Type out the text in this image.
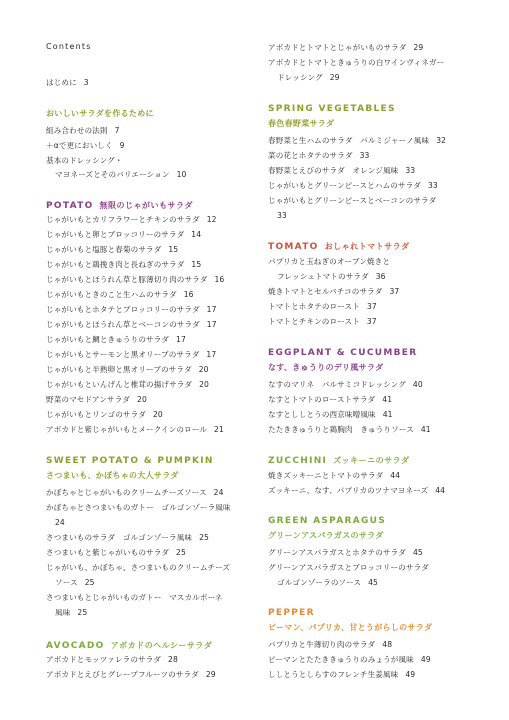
Contents
はじめに 3
おいしいサラダを作るために
組み合わせの法則 7
＋αで更においしく 9
基本のドレッシング・
マヨネーズとそのバリエーション 10
POTATO 無限のじゃがいもサラダ
じゃがいもとカリフラワーとチキンのサラダ 12
じゃがいもと卵とブロッコリーのサラダ 14
じゃがいもと塩豚と春菊のサラダ 15
じゃがいもと鶏挽き肉と長ねぎのサラダ 15
じゃがいもとほうれん草と豚薄切り肉のサラダ 16
じゃがいもときのこと生ハムのサラダ 16
じゃがいもとホタテとブロッコリーのサラダ 17
じゃがいもとほうれん草とベーコンのサラダ 17
じゃがいもと鯛ときゅうりのサラダ 17
じゃがいもとサーモンと黒オリーブのサラダ 17
じゃがいもと半熟卵と黒オリーブのサラダ 20
じゃがいもといんげんと椎茸の揚げサラダ 20
野菜のマセドアンサラダ 20
じゃがいもとリンゴのサラダ 20
アボカドと紫じゃがいもとメークインのロール 21
SWEET POTATO & PUMPKIN
さつまいも、かぼちゃの大人サラダ
かぼちゃとじゃがいものクリームチーズソース 24
かぼちゃとさつまいものガトー　ゴルゴンゾーラ風味
24
さつまいものサラダ　ゴルゴンゾーラ風味 25
さつまいもと紫じゃがいものサラダ 25
じゃがいも、かぼちゃ、さつまいものクリームチーズ
ソース 25
さつまいもとじゃがいものガトー　マスカルポーネ
風味 25
AVOCADO アボカドのヘルシーサラダ
アボカドとモッツァレラのサラダ 28
アボカドとえびとグレープフルーツのサラダ 29
アボカドとトマトとじゃがいものサラダ 29
アボカドとトマトときゅうりの白ワインヴィネガー
ドレッシング 29
SPRING VEGETABLES
春色春野菜サラダ
春野菜と生ハムのサラダ　パルミジャーノ風味 32
菜の花とホタテのサラダ 33
春野菜とえびのサラダ　オレンジ風味 33
じゃがいもとグリーンピースとハムのサラダ 33
じゃがいもとグリーンピースとベーコンのサラダ
33
TOMATO おしゃれトマトサラダ
パプリカと玉ねぎのオーブン焼きと
フレッシュトマトのサラダ 36
焼きトマトとセルバチコのサラダ 37
トマトとホタテのロースト 37
トマトとチキンのロースト 37
EGGPLANT & CUCUMBER
なす、きゅうりのデリ風サラダ
なすのマリネ　バルサミコドレッシング 40
なすとトマトのローストサラダ 41
なすとししとうの西京味噌風味 41
たたききゅうりと鶏胸肉　きゅうりソース 41
ZUCCHINI ズッキーニのサラダ
焼きズッキーニとトマトのサラダ 44
ズッキーニ、なす、パプリカのツナマヨネーズ 44
GREEN ASPARAGUS
グリーンアスパラガスのサラダ
グリーンアスパラガスとホタテのサラダ 45
グリーンアスパラガスとブロッコリーのサラダ
ゴルゴンゾーラのソース 45
PEPPER
ピーマン、パプリカ、甘とうがらしのサラダ
パプリカと牛薄切り肉のサラダ 48
ピーマンとたたききゅうりのみょうが風味 49
ししとうとしらすのフレンチ生姜風味 49
